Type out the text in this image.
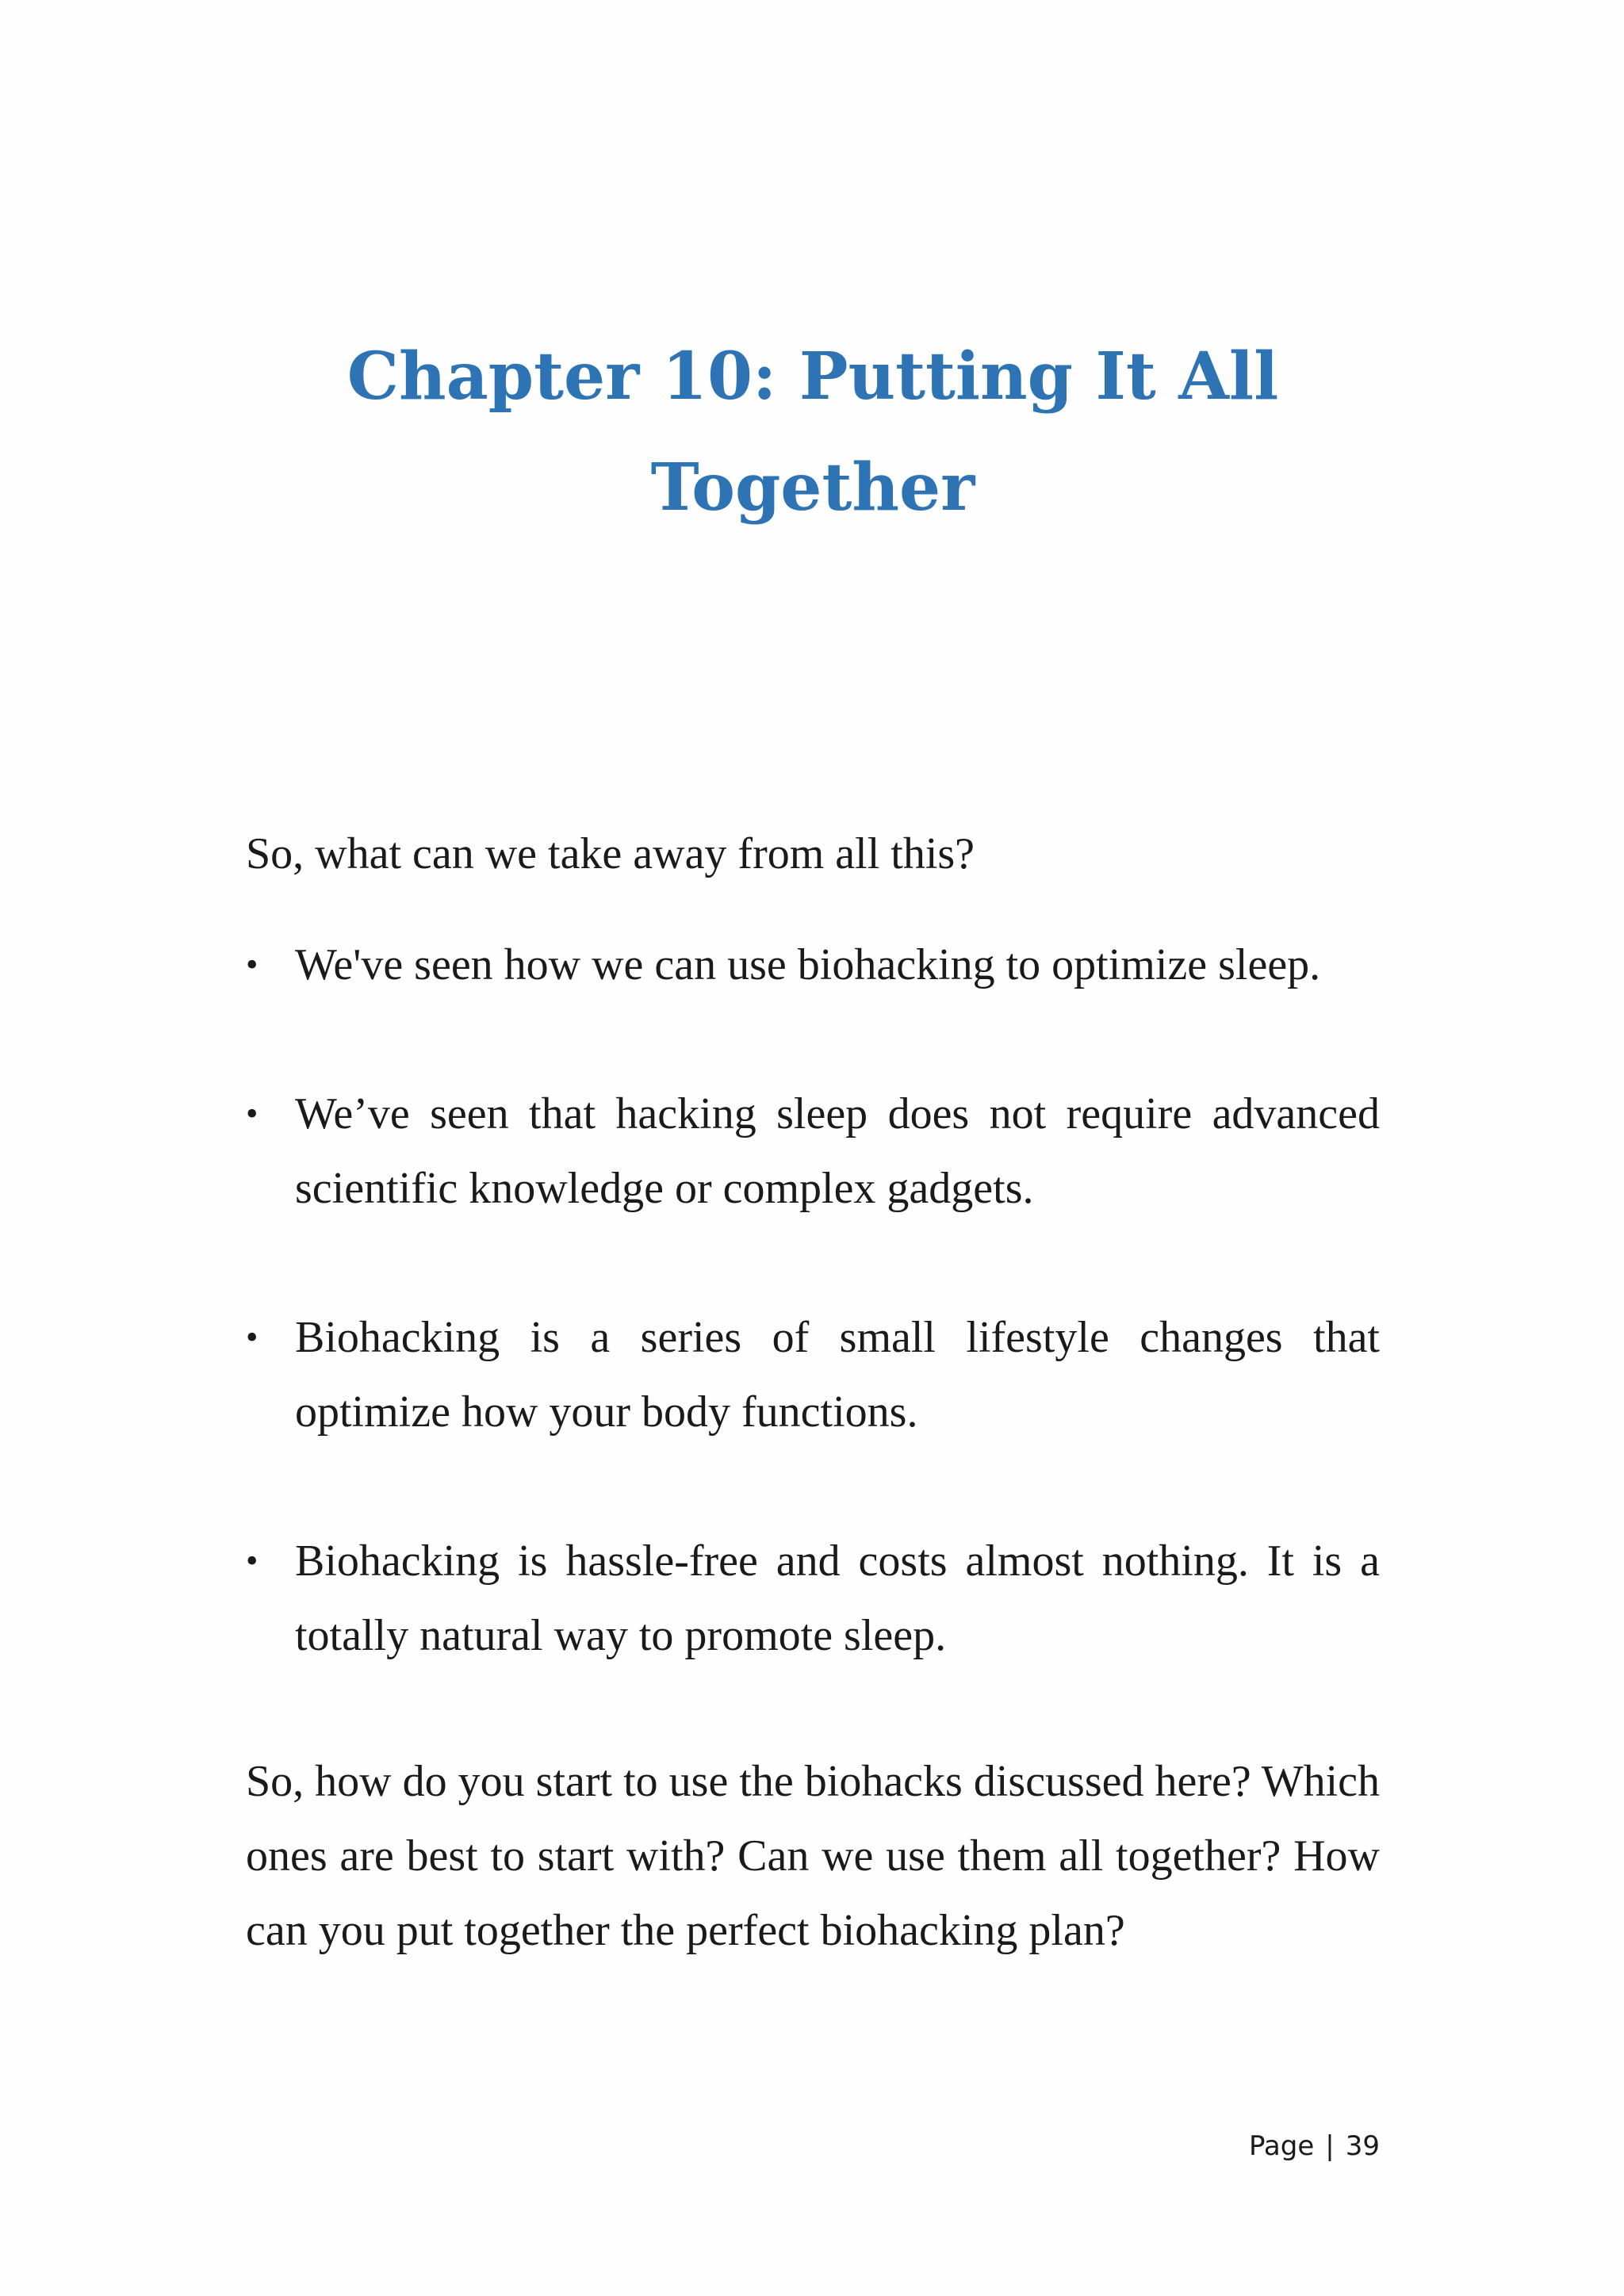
Chapter 10: Putting It All
Together

So, what can we take away from all this?

• We've seen how we can use biohacking to optimize sleep.
• We’ve seen that hacking sleep does not require advanced scientific knowledge or complex gadgets.
• Biohacking is a series of small lifestyle changes that optimize how your body functions.
• Biohacking is hassle-free and costs almost nothing. It is a totally natural way to promote sleep.

So, how do you start to use the biohacks discussed here? Which ones are best to start with? Can we use them all together? How can you put together the perfect biohacking plan?

Page | 39
